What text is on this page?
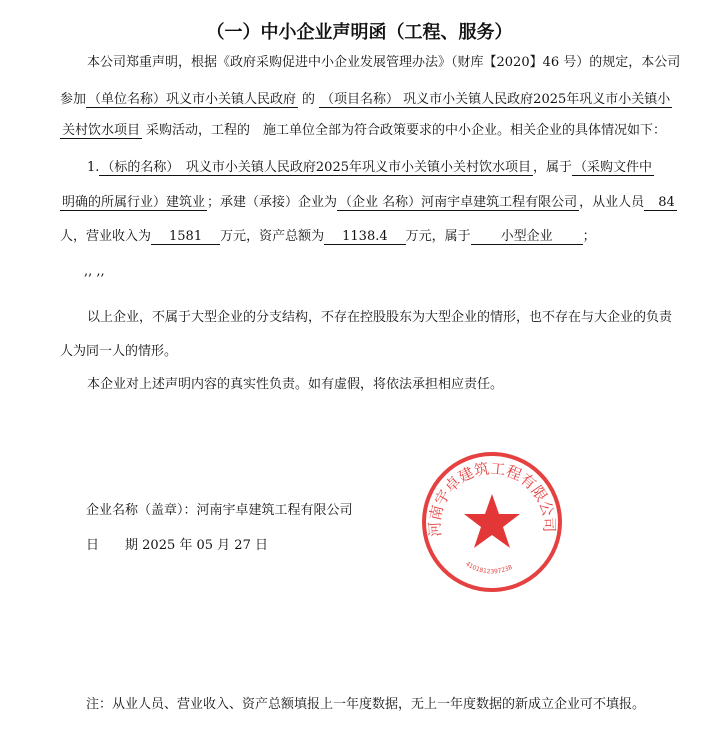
（一）中小企业声明函（工程、服务）
本公司郑重声明，根据《政府采购促进中小企业发展管理办法》（财库【2020】46 号）的规定，本公司
参加 （单位名称）巩义市小关镇人民政府 的 （项目名称） 巩义市小关镇人民政府2025年巩义市小关镇小
关村饮水项目 采购活动，工程的　施工单位全部为符合政策要求的中小企业。相关企业的具体情况如下：
1. （标的名称）　巩义市小关镇人民政府2025年巩义市小关镇小关村饮水项目 ，属于 （采购文件中
明确的所属行业）建筑业 ；承建（承接）企业为 （企业 名称）河南宇卓建筑工程有限公司 ，从业人员 84
人，营业收入为 1581 万元，资产总额为 1138.4 万元，属于 小型企业 ；
,, ,,
以上企业，不属于大型企业的分支结构，不存在控股股东为大型企业的情形，也不存在与大企业的负责
人为同一人的情形。
本企业对上述声明内容的真实性负责。如有虚假，将依法承担相应责任。
企业名称（盖章）：河南宇卓建筑工程有限公司
日　　期 2025 年 05 月 27 日
河南宇卓建筑工程有限公司
4101812397238
注：从业人员、营业收入、资产总额填报上一年度数据，无上一年度数据的新成立企业可不填报。
